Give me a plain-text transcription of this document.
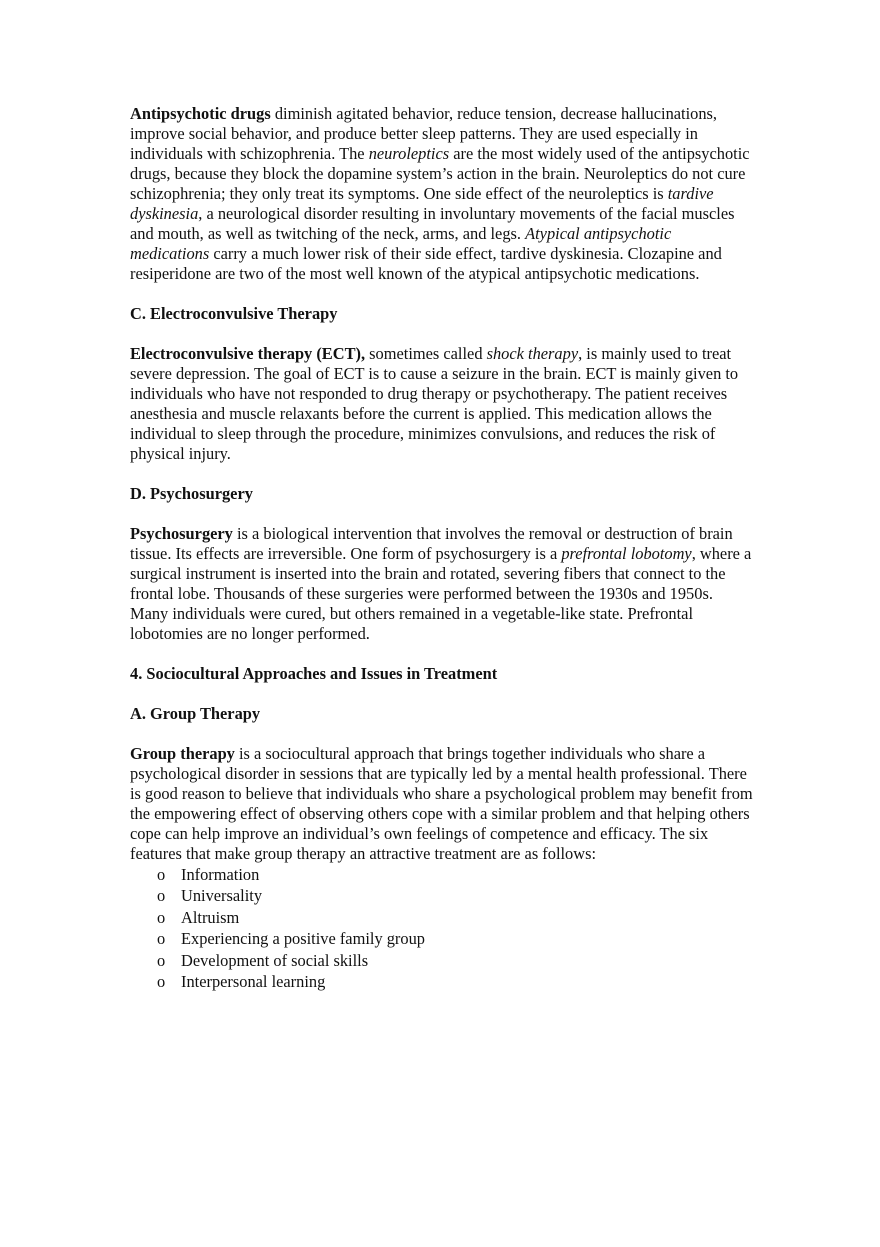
Antipsychotic drugs diminish agitated behavior, reduce tension, decrease hallucinations, improve social behavior, and produce better sleep patterns. They are used especially in individuals with schizophrenia. The neuroleptics are the most widely used of the antipsychotic drugs, because they block the dopamine system’s action in the brain. Neuroleptics do not cure schizophrenia; they only treat its symptoms. One side effect of the neuroleptics is tardive dyskinesia, a neurological disorder resulting in involuntary movements of the facial muscles and mouth, as well as twitching of the neck, arms, and legs. Atypical antipsychotic medications carry a much lower risk of their side effect, tardive dyskinesia. Clozapine and resiperidone are two of the most well known of the atypical antipsychotic medications.

C. Electroconvulsive Therapy

Electroconvulsive therapy (ECT), sometimes called shock therapy, is mainly used to treat severe depression. The goal of ECT is to cause a seizure in the brain. ECT is mainly given to individuals who have not responded to drug therapy or psychotherapy. The patient receives anesthesia and muscle relaxants before the current is applied. This medication allows the individual to sleep through the procedure, minimizes convulsions, and reduces the risk of physical injury.

D. Psychosurgery

Psychosurgery is a biological intervention that involves the removal or destruction of brain tissue. Its effects are irreversible. One form of psychosurgery is a prefrontal lobotomy, where a surgical instrument is inserted into the brain and rotated, severing fibers that connect to the frontal lobe. Thousands of these surgeries were performed between the 1930s and 1950s. Many individuals were cured, but others remained in a vegetable-like state. Prefrontal lobotomies are no longer performed.

4. Sociocultural Approaches and Issues in Treatment

A. Group Therapy

Group therapy is a sociocultural approach that brings together individuals who share a psychological disorder in sessions that are typically led by a mental health professional. There is good reason to believe that individuals who share a psychological problem may benefit from the empowering effect of observing others cope with a similar problem and that helping others cope can help improve an individual’s own feelings of competence and efficacy. The six features that make group therapy an attractive treatment are as follows:

o Information
o Universality
o Altruism
o Experiencing a positive family group
o Development of social skills
o Interpersonal learning
